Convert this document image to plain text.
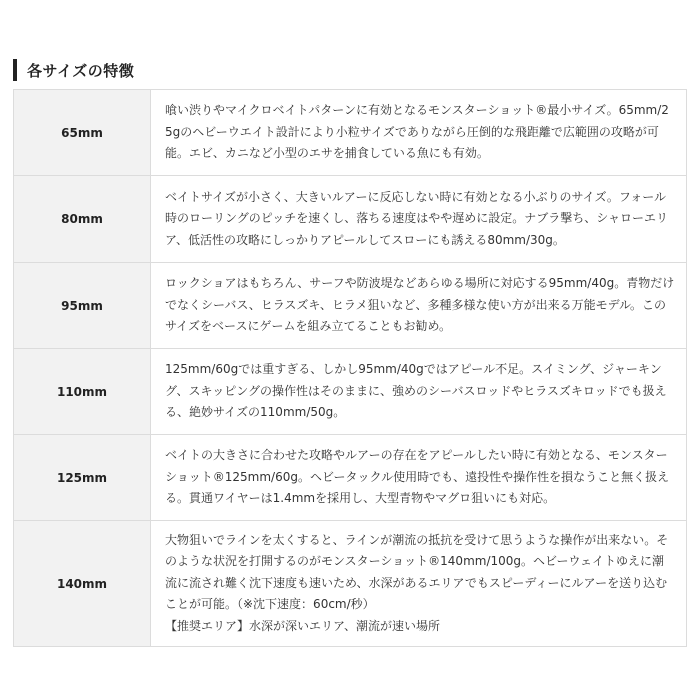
各サイズの特徴
65mm	喰い渋りやマイクロベイトパターンに有効となるモンスターショット®最小サイズ。65mm/25gのヘビーウエイト設計により小粒サイズでありながら圧倒的な飛距離で広範囲の攻略が可能。エビ、カニなど小型のエサを捕食している魚にも有効。
80mm	ベイトサイズが小さく、大きいルアーに反応しない時に有効となる小ぶりのサイズ。フォール時のローリングのピッチを速くし、落ちる速度はやや遅めに設定。ナブラ撃ち、シャローエリア、低活性の攻略にしっかりアピールしてスローにも誘える80mm/30g。
95mm	ロックショアはもちろん、サーフや防波堤などあらゆる場所に対応する95mm/40g。青物だけでなくシーバス、ヒラスズキ、ヒラメ狙いなど、多種多様な使い方が出来る万能モデル。このサイズをベースにゲームを組み立てることもお勧め。
110mm	125mm/60gでは重すぎる、しかし95mm/40gではアピール不足。スイミング、ジャーキング、スキッピングの操作性はそのままに、強めのシーバスロッドやヒラスズキロッドでも扱える、絶妙サイズの110mm/50g。
125mm	ベイトの大きさに合わせた攻略やルアーの存在をアピールしたい時に有効となる、モンスターショット®125mm/60g。ヘビータックル使用時でも、遠投性や操作性を損なうこと無く扱える。貫通ワイヤーは1.4mmを採用し、大型青物やマグロ狙いにも対応。
140mm	大物狙いでラインを太くすると、ラインが潮流の抵抗を受けて思うような操作が出来ない。そのような状況を打開するのがモンスターショット®140mm/100g。ヘビーウェイトゆえに潮流に流され難く沈下速度も速いため、水深があるエリアでもスピーディーにルアーを送り込むことが可能。（※沈下速度：60cm/秒）
【推奨エリア】水深が深いエリア、潮流が速い場所
